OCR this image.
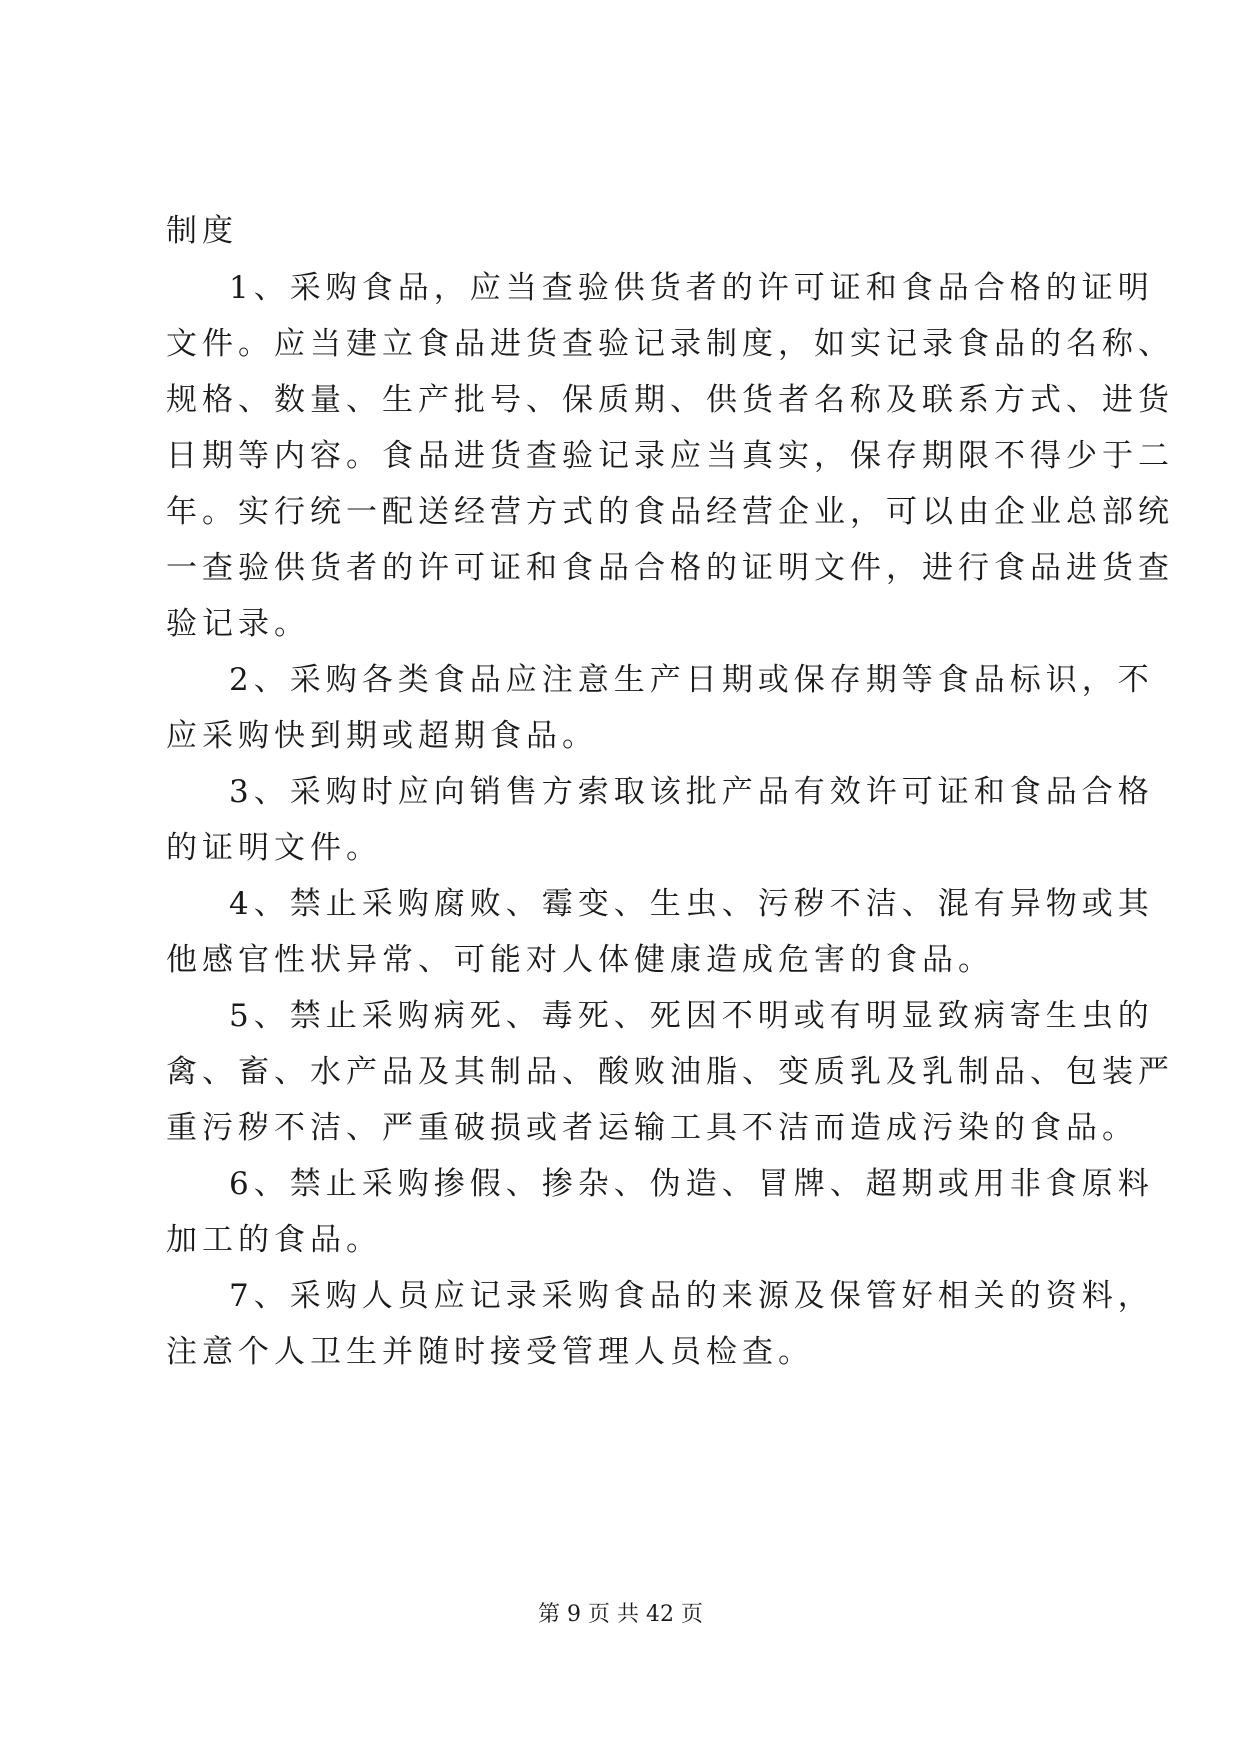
制度
1、采购食品，应当查验供货者的许可证和食品合格的证明
文件。应当建立食品进货查验记录制度，如实记录食品的名称、
规格、数量、生产批号、保质期、供货者名称及联系方式、进货
日期等内容。食品进货查验记录应当真实，保存期限不得少于二
年。实行统一配送经营方式的食品经营企业，可以由企业总部统
一查验供货者的许可证和食品合格的证明文件，进行食品进货查
验记录。
2、采购各类食品应注意生产日期或保存期等食品标识，不
应采购快到期或超期食品。
3、采购时应向销售方索取该批产品有效许可证和食品合格
的证明文件。
4、禁止采购腐败、霉变、生虫、污秽不洁、混有异物或其
他感官性状异常、可能对人体健康造成危害的食品。
5、禁止采购病死、毒死、死因不明或有明显致病寄生虫的
禽、畜、水产品及其制品、酸败油脂、变质乳及乳制品、包装严
重污秽不洁、严重破损或者运输工具不洁而造成污染的食品。
6、禁止采购掺假、掺杂、伪造、冒牌、超期或用非食原料
加工的食品。
7、采购人员应记录采购食品的来源及保管好相关的资料，
注意个人卫生并随时接受管理人员检查。
第 9 页 共 42 页
